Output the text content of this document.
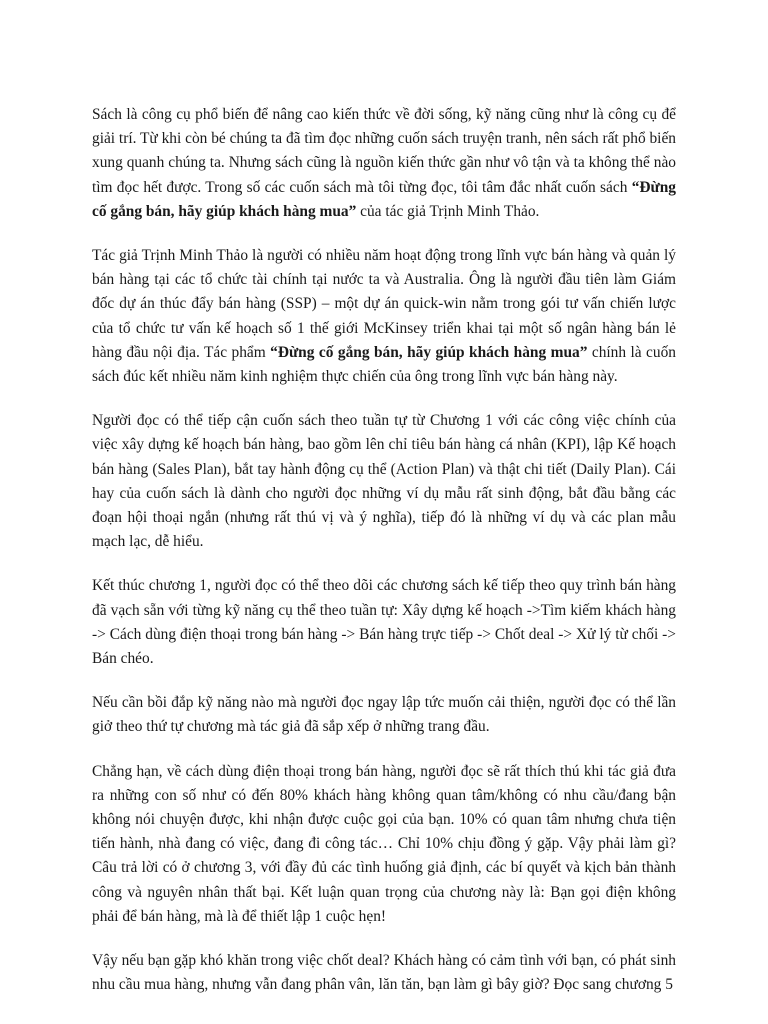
Sách là công cụ phổ biến để nâng cao kiến thức về đời sống, kỹ năng cũng như là công cụ để giải trí. Từ khi còn bé chúng ta đã tìm đọc những cuốn sách truyện tranh, nên sách rất phổ biến xung quanh chúng ta. Nhưng sách cũng là nguồn kiến thức gần như vô tận và ta không thể nào tìm đọc hết được. Trong số các cuốn sách mà tôi từng đọc, tôi tâm đắc nhất cuốn sách “Đừng cố gắng bán, hãy giúp khách hàng mua” của tác giả Trịnh Minh Thảo.

Tác giả Trịnh Minh Thảo là người có nhiều năm hoạt động trong lĩnh vực bán hàng và quản lý bán hàng tại các tổ chức tài chính tại nước ta và Australia. Ông là người đầu tiên làm Giám đốc dự án thúc đẩy bán hàng (SSP) – một dự án quick-win nằm trong gói tư vấn chiến lược của tổ chức tư vấn kế hoạch số 1 thế giới McKinsey triển khai tại một số ngân hàng bán lẻ hàng đầu nội địa. Tác phẩm “Đừng cố gắng bán, hãy giúp khách hàng mua” chính là cuốn sách đúc kết nhiều năm kinh nghiệm thực chiến của ông trong lĩnh vực bán hàng này.

Người đọc có thể tiếp cận cuốn sách theo tuần tự từ Chương 1 với các công việc chính của việc xây dựng kế hoạch bán hàng, bao gồm lên chỉ tiêu bán hàng cá nhân (KPI), lập Kế hoạch bán hàng (Sales Plan), bắt tay hành động cụ thể (Action Plan) và thật chi tiết (Daily Plan). Cái hay của cuốn sách là dành cho người đọc những ví dụ mẫu rất sinh động, bắt đầu bằng các đoạn hội thoại ngắn (nhưng rất thú vị và ý nghĩa), tiếp đó là những ví dụ và các plan mẫu mạch lạc, dễ hiểu.

Kết thúc chương 1, người đọc có thể theo dõi các chương sách kế tiếp theo quy trình bán hàng đã vạch sẵn với từng kỹ năng cụ thể theo tuần tự: Xây dựng kế hoạch ->Tìm kiếm khách hàng -> Cách dùng điện thoại trong bán hàng -> Bán hàng trực tiếp -> Chốt deal -> Xử lý từ chối -> Bán chéo.

Nếu cần bồi đắp kỹ năng nào mà người đọc ngay lập tức muốn cải thiện, người đọc có thể lần giở theo thứ tự chương mà tác giả đã sắp xếp ở những trang đầu.

Chẳng hạn, về cách dùng điện thoại trong bán hàng, người đọc sẽ rất thích thú khi tác giả đưa ra những con số như có đến 80% khách hàng không quan tâm/không có nhu cầu/đang bận không nói chuyện được, khi nhận được cuộc gọi của bạn. 10% có quan tâm nhưng chưa tiện tiến hành, nhà đang có việc, đang đi công tác… Chỉ 10% chịu đồng ý gặp. Vậy phải làm gì? Câu trả lời có ở chương 3, với đầy đủ các tình huống giả định, các bí quyết và kịch bản thành công và nguyên nhân thất bại. Kết luận quan trọng của chương này là: Bạn gọi điện không phải để bán hàng, mà là để thiết lập 1 cuộc hẹn!

Vậy nếu bạn gặp khó khăn trong việc chốt deal? Khách hàng có cảm tình với bạn, có phát sinh nhu cầu mua hàng, nhưng vẫn đang phân vân, lăn tăn, bạn làm gì bây giờ? Đọc sang chương 5
